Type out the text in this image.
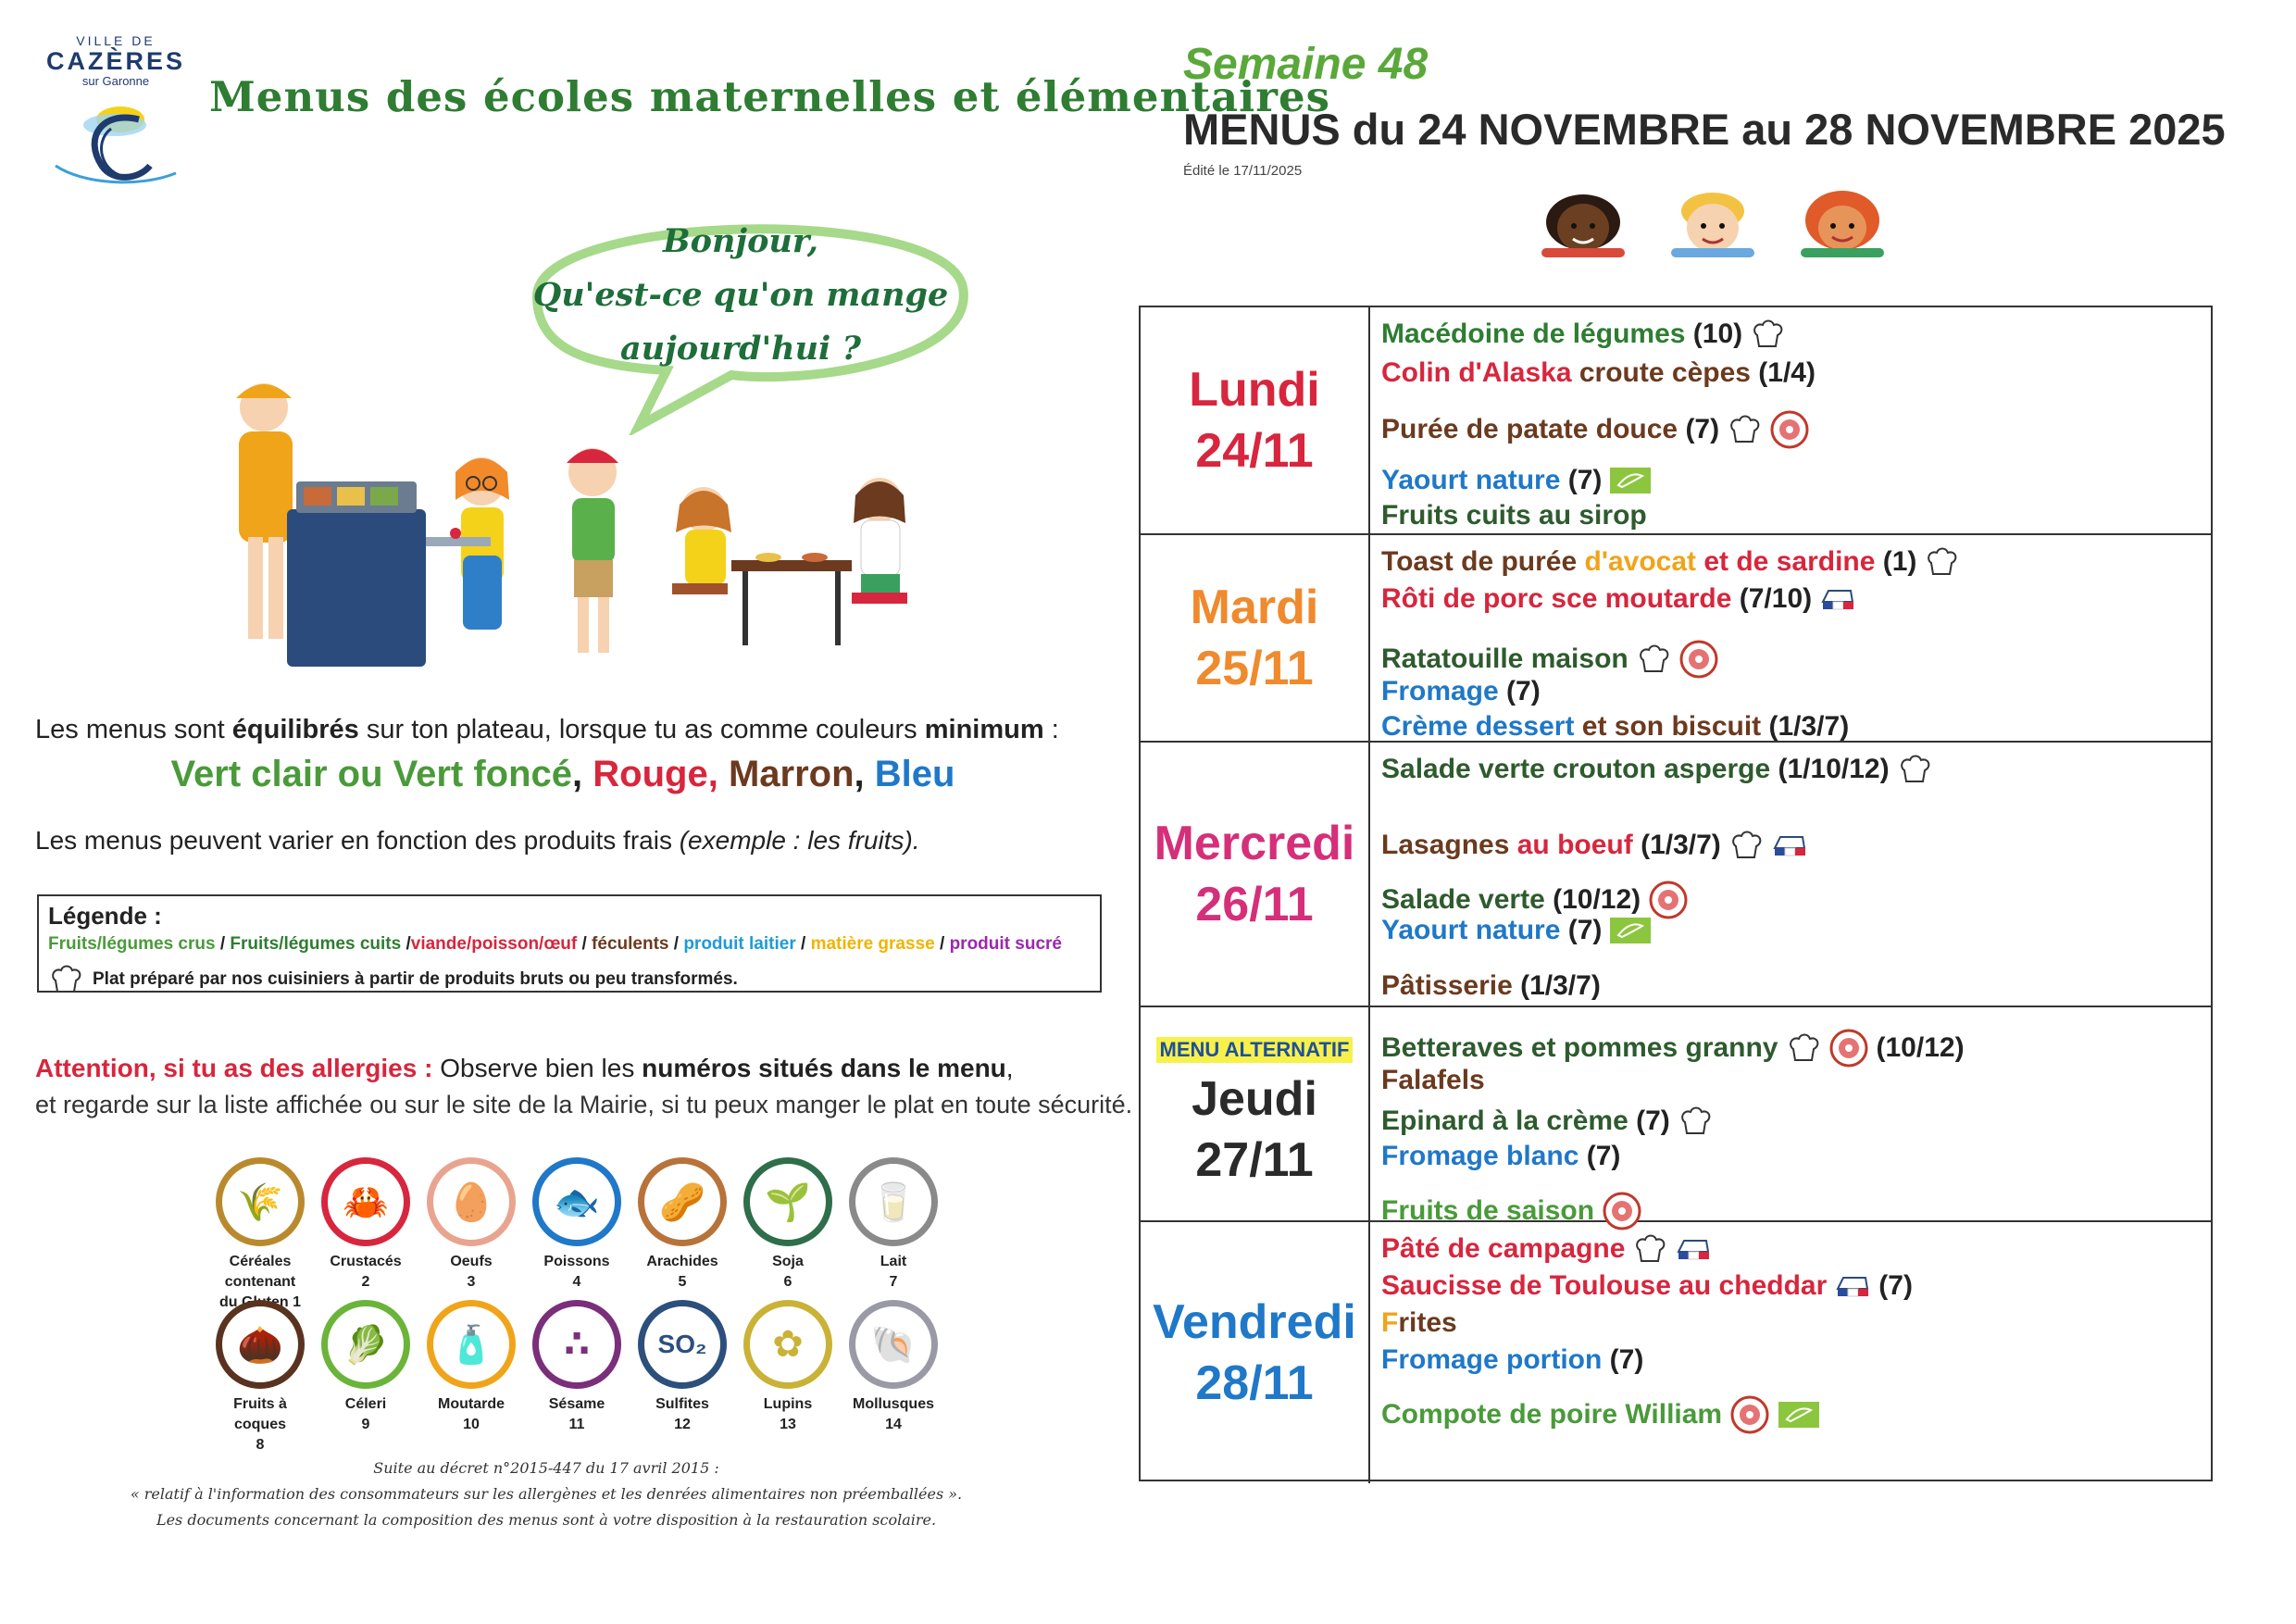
VILLE DE
CAZÈRES
sur Garonne	Menus des écoles maternelles et élémentaires
Semaine 48
MENUS du 24 NOVEMBRE au 28 NOVEMBRE 2025
Édité le 17/11/2025
Bonjour,
Qu'est-ce qu'on mange
aujourd'hui ?
Les menus sont équilibrés sur ton plateau, lorsque tu as comme couleurs minimum :
Vert clair ou Vert foncé, Rouge, Marron, Bleu
Les menus peuvent varier en fonction des produits frais (exemple : les fruits).
Légende :
Fruits/légumes crus / Fruits/légumes cuits /viande/poisson/œuf / féculents / produit laitier / matière grasse / produit sucré
Plat préparé par nos cuisiniers à partir de produits bruts ou peu transformés.
Attention, si tu as des allergies : Observe bien les numéros situés dans le menu,
et regarde sur la liste affichée ou sur le site de la Mairie, si tu peux manger le plat en toute sécurité.
🌾
Céréales contenant
du Gluten 1
🦀
Crustacés
2
🥚
Oeufs
3
🐟
Poissons
4
🥜
Arachides
5
🌱
Soja
6
🥛
Lait
7
🌰
Fruits à coques
8
🥬
Céleri
9
🧴
Moutarde
10
∴
Sésame
11
SO₂
Sulfites
12
✿
Lupins
13
🐚
Mollusques
14
Suite au décret n°2015-447 du 17 avril 2015 :
« relatif à l'information des consommateurs sur les allergènes et les denrées alimentaires non préemballées ».
Les documents concernant la composition des menus sont à votre disposition à la restauration scolaire.
Lundi
24/11
Macédoine de légumes (10)
Colin d'Alaska croute cèpes (1/4)
Purée de patate douce (7)
Yaourt nature (7)
Fruits cuits au sirop
Mardi
25/11
Toast de purée d'avocat et de sardine (1)
Rôti de porc sce moutarde (7/10)
Ratatouille maison
Fromage (7)
Crème dessert et son biscuit (1/3/7)
Mercredi
26/11
Salade verte crouton asperge (1/10/12)
Lasagnes au boeuf (1/3/7)
Salade verte (10/12)
Yaourt nature (7)
Pâtisserie (1/3/7)
MENU ALTERNATIF
Jeudi
27/11
Betteraves et pommes granny	(10/12)
Falafels
Epinard à la crème (7)
Fromage blanc (7)
Fruits de saison
Vendredi
28/11
Pâté de campagne
Saucisse de Toulouse au cheddar (7)
Frites
Fromage portion (7)
Compote de poire William
